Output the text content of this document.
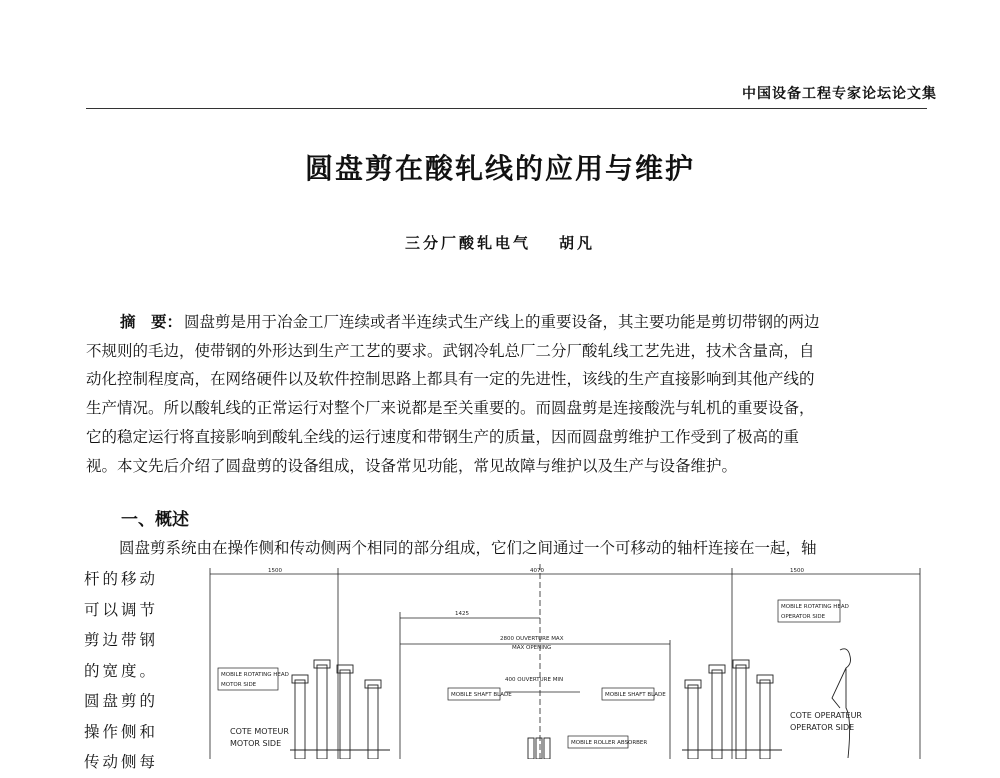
中国设备工程专家论坛论文集
圆盘剪在酸轧线的应用与维护
三分厂酸轧电气 胡凡
摘　要： 圆盘剪是用于冶金工厂连续或者半连续式生产线上的重要设备，其主要功能是剪切带钢的两边
不规则的毛边，使带钢的外形达到生产工艺的要求。武钢冷轧总厂二分厂酸轧线工艺先进，技术含量高，自
动化控制程度高，在网络硬件以及软件控制思路上都具有一定的先进性，该线的生产直接影响到其他产线的
生产情况。所以酸轧线的正常运行对整个厂来说都是至关重要的。而圆盘剪是连接酸洗与轧机的重要设备，
它的稳定运行将直接影响到酸轧全线的运行速度和带钢生产的质量，因而圆盘剪维护工作受到了极高的重
视。本文先后介绍了圆盘剪的设备组成，设备常见功能，常见故障与维护以及生产与设备维护。
一、概述
圆盘剪系统由在操作侧和传动侧两个相同的部分组成，它们之间通过一个可移动的轴杆连接在一起，轴
杆的移动
可以调节
剪边带钢
的宽度。
圆盘剪的
操作侧和
传动侧每
1500	4070	1500
1425
2800 OUVERTURE MAX
MAX OPENING
400 OUVERTURE MIN
MOBILE ROTATING HEAD
MOTOR SIDE
COTE MOTEUR
MOTOR SIDE
MOBILE SHAFT BLADE	MOBILE SHAFT BLADE
MOBILE ROLLER ABSORBER
MOBILE ROTATING HEAD
OPERATOR SIDE
COTE OPERATEUR
OPERATOR SIDE
